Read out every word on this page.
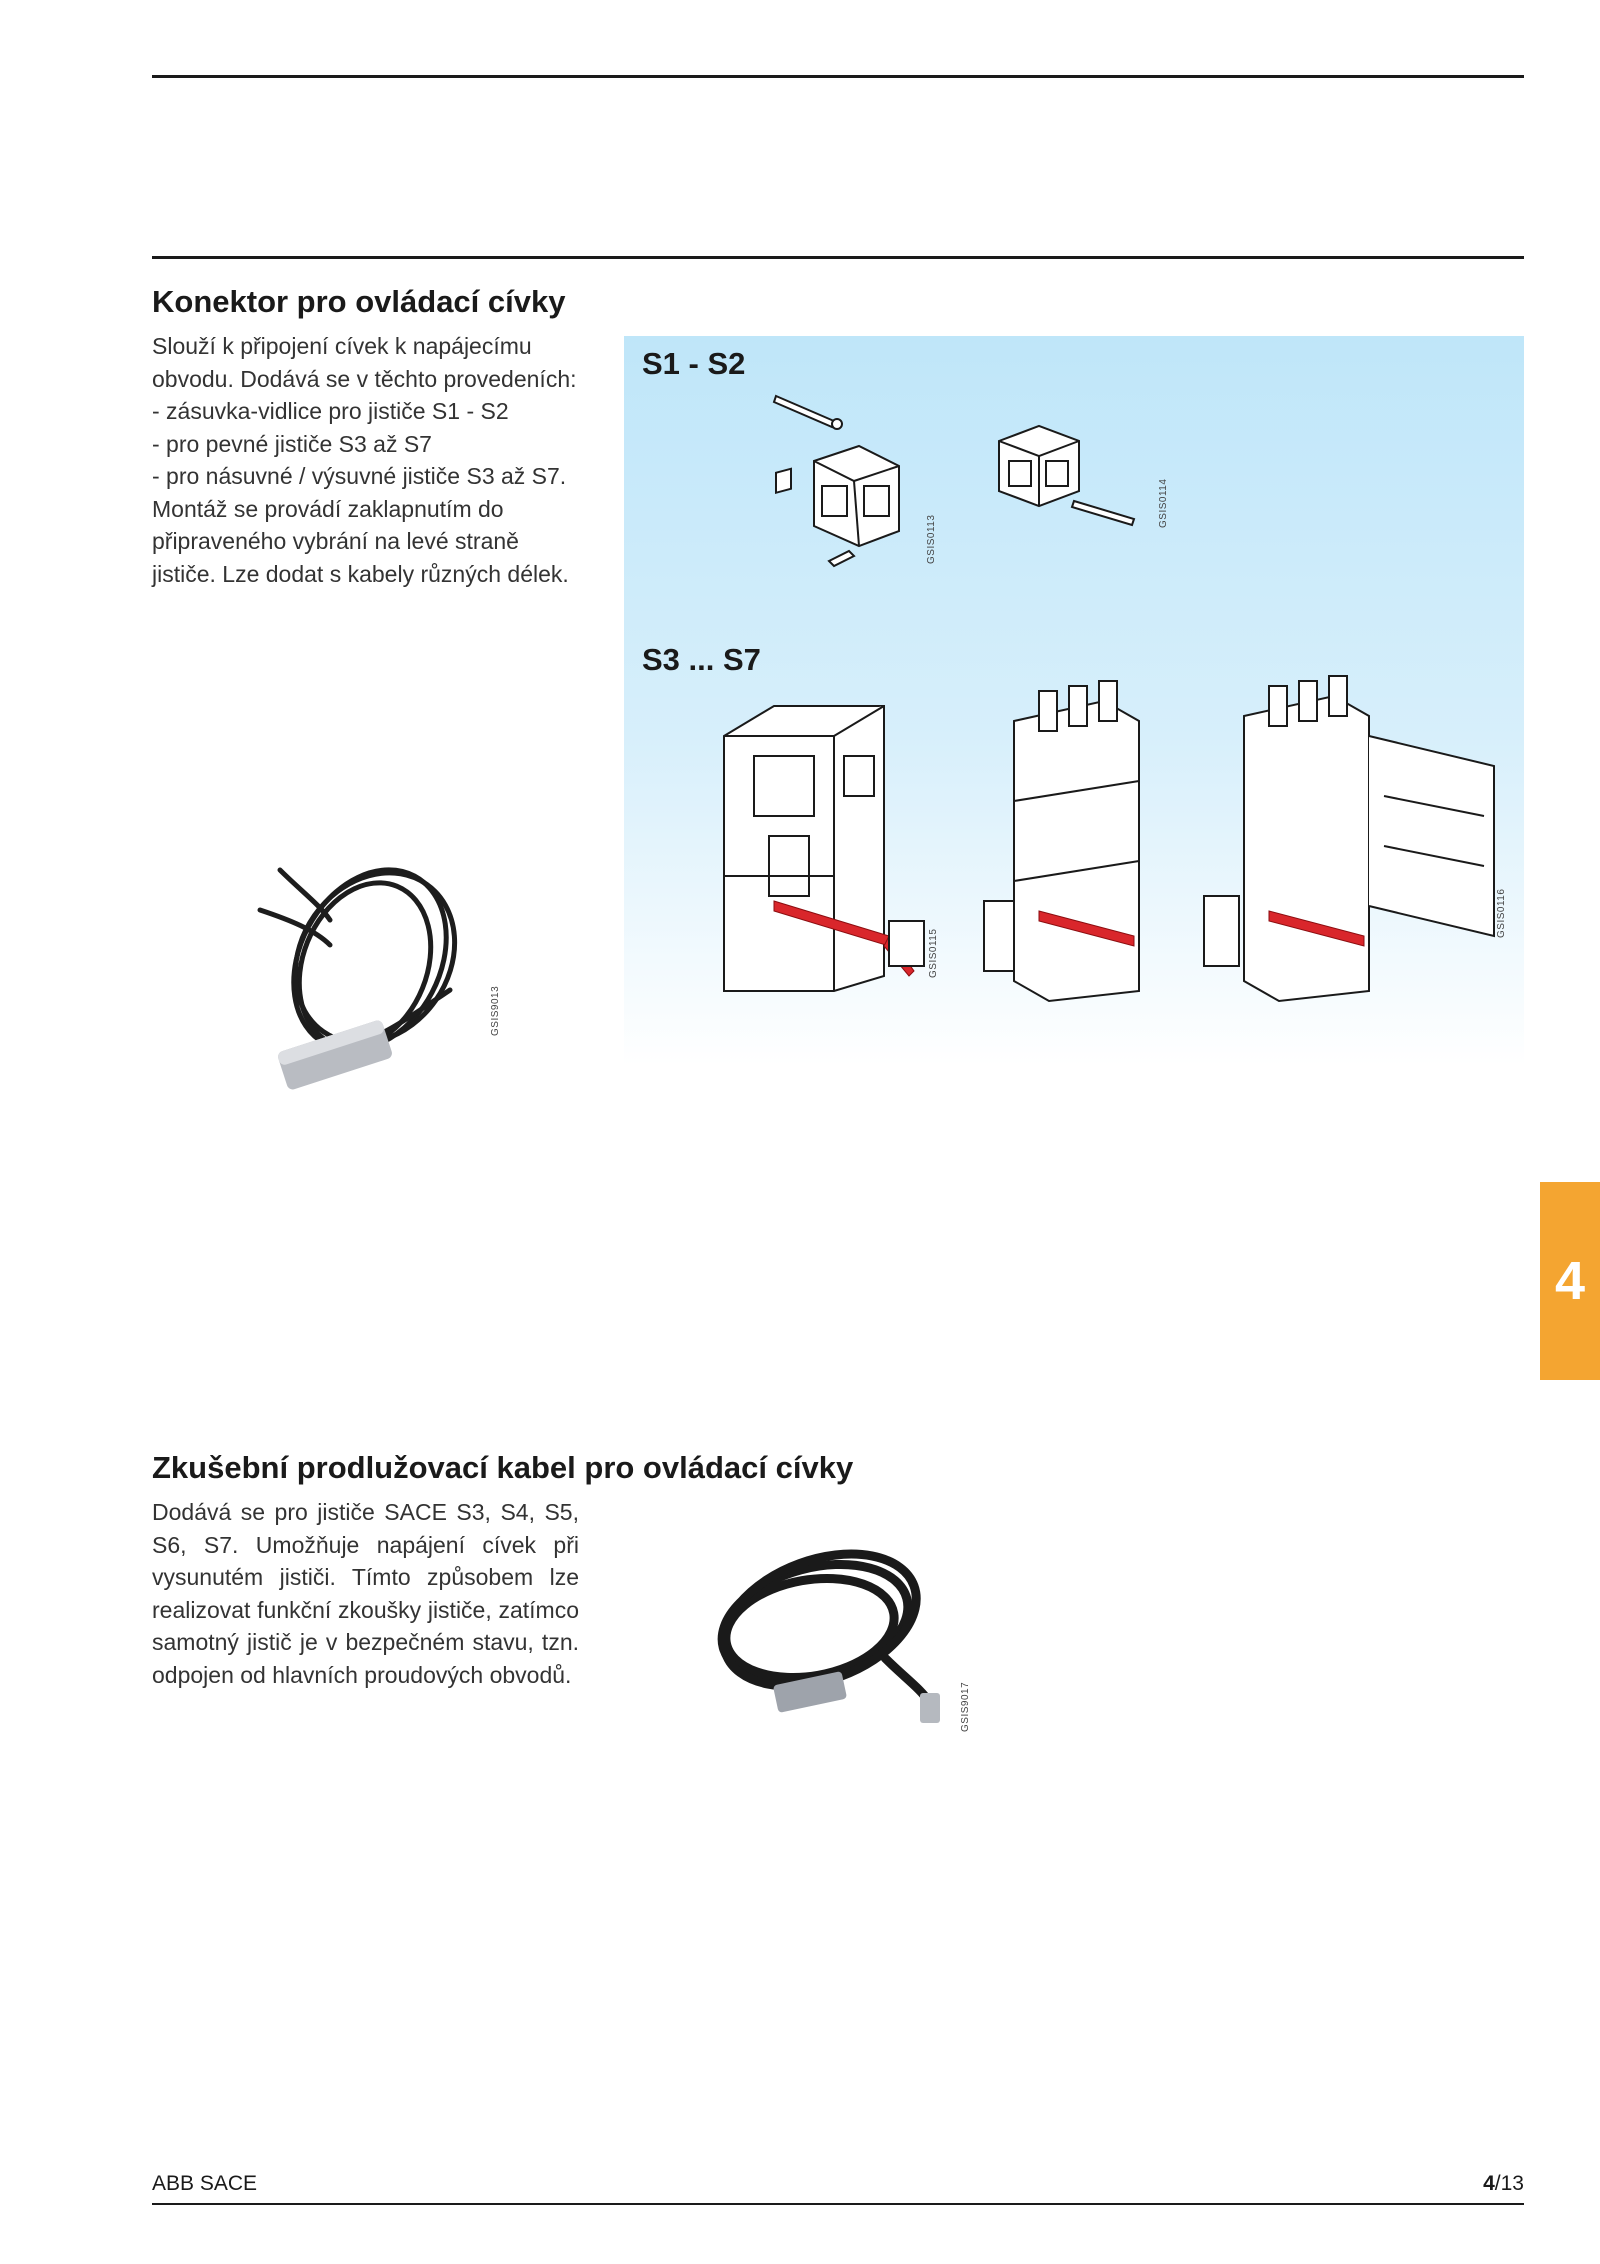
Konektor pro ovládací cívky

Slouží k připojení cívek k napájecímu obvodu. Dodává se v těchto provedeních:

- zásuvka-vidlice pro jističe S1 - S2

- pro pevné jističe S3 až S7

- pro násuvné / výsuvné jističe S3 až S7.

Montáž se provádí zaklapnutím do připraveného vybrání na levé straně jističe. Lze dodat s kabely různých délek.

GSIS9013
S1 - S2
S3 ... S7
GSIS0113
GSIS0114
GSIS0115
GSIS0116
4
Zkušební prodlužovací kabel pro ovládací cívky

Dodává se pro jističe SACE S3, S4, S5, S6, S7. Umožňuje napájení cívek při vysunutém jističi. Tímto způsobem lze realizovat funkční zkoušky jističe, zatímco samotný jistič je v bezpečném stavu, tzn. odpojen od hlavních proudových obvodů.

GSIS9017
ABB SACE	4/13
